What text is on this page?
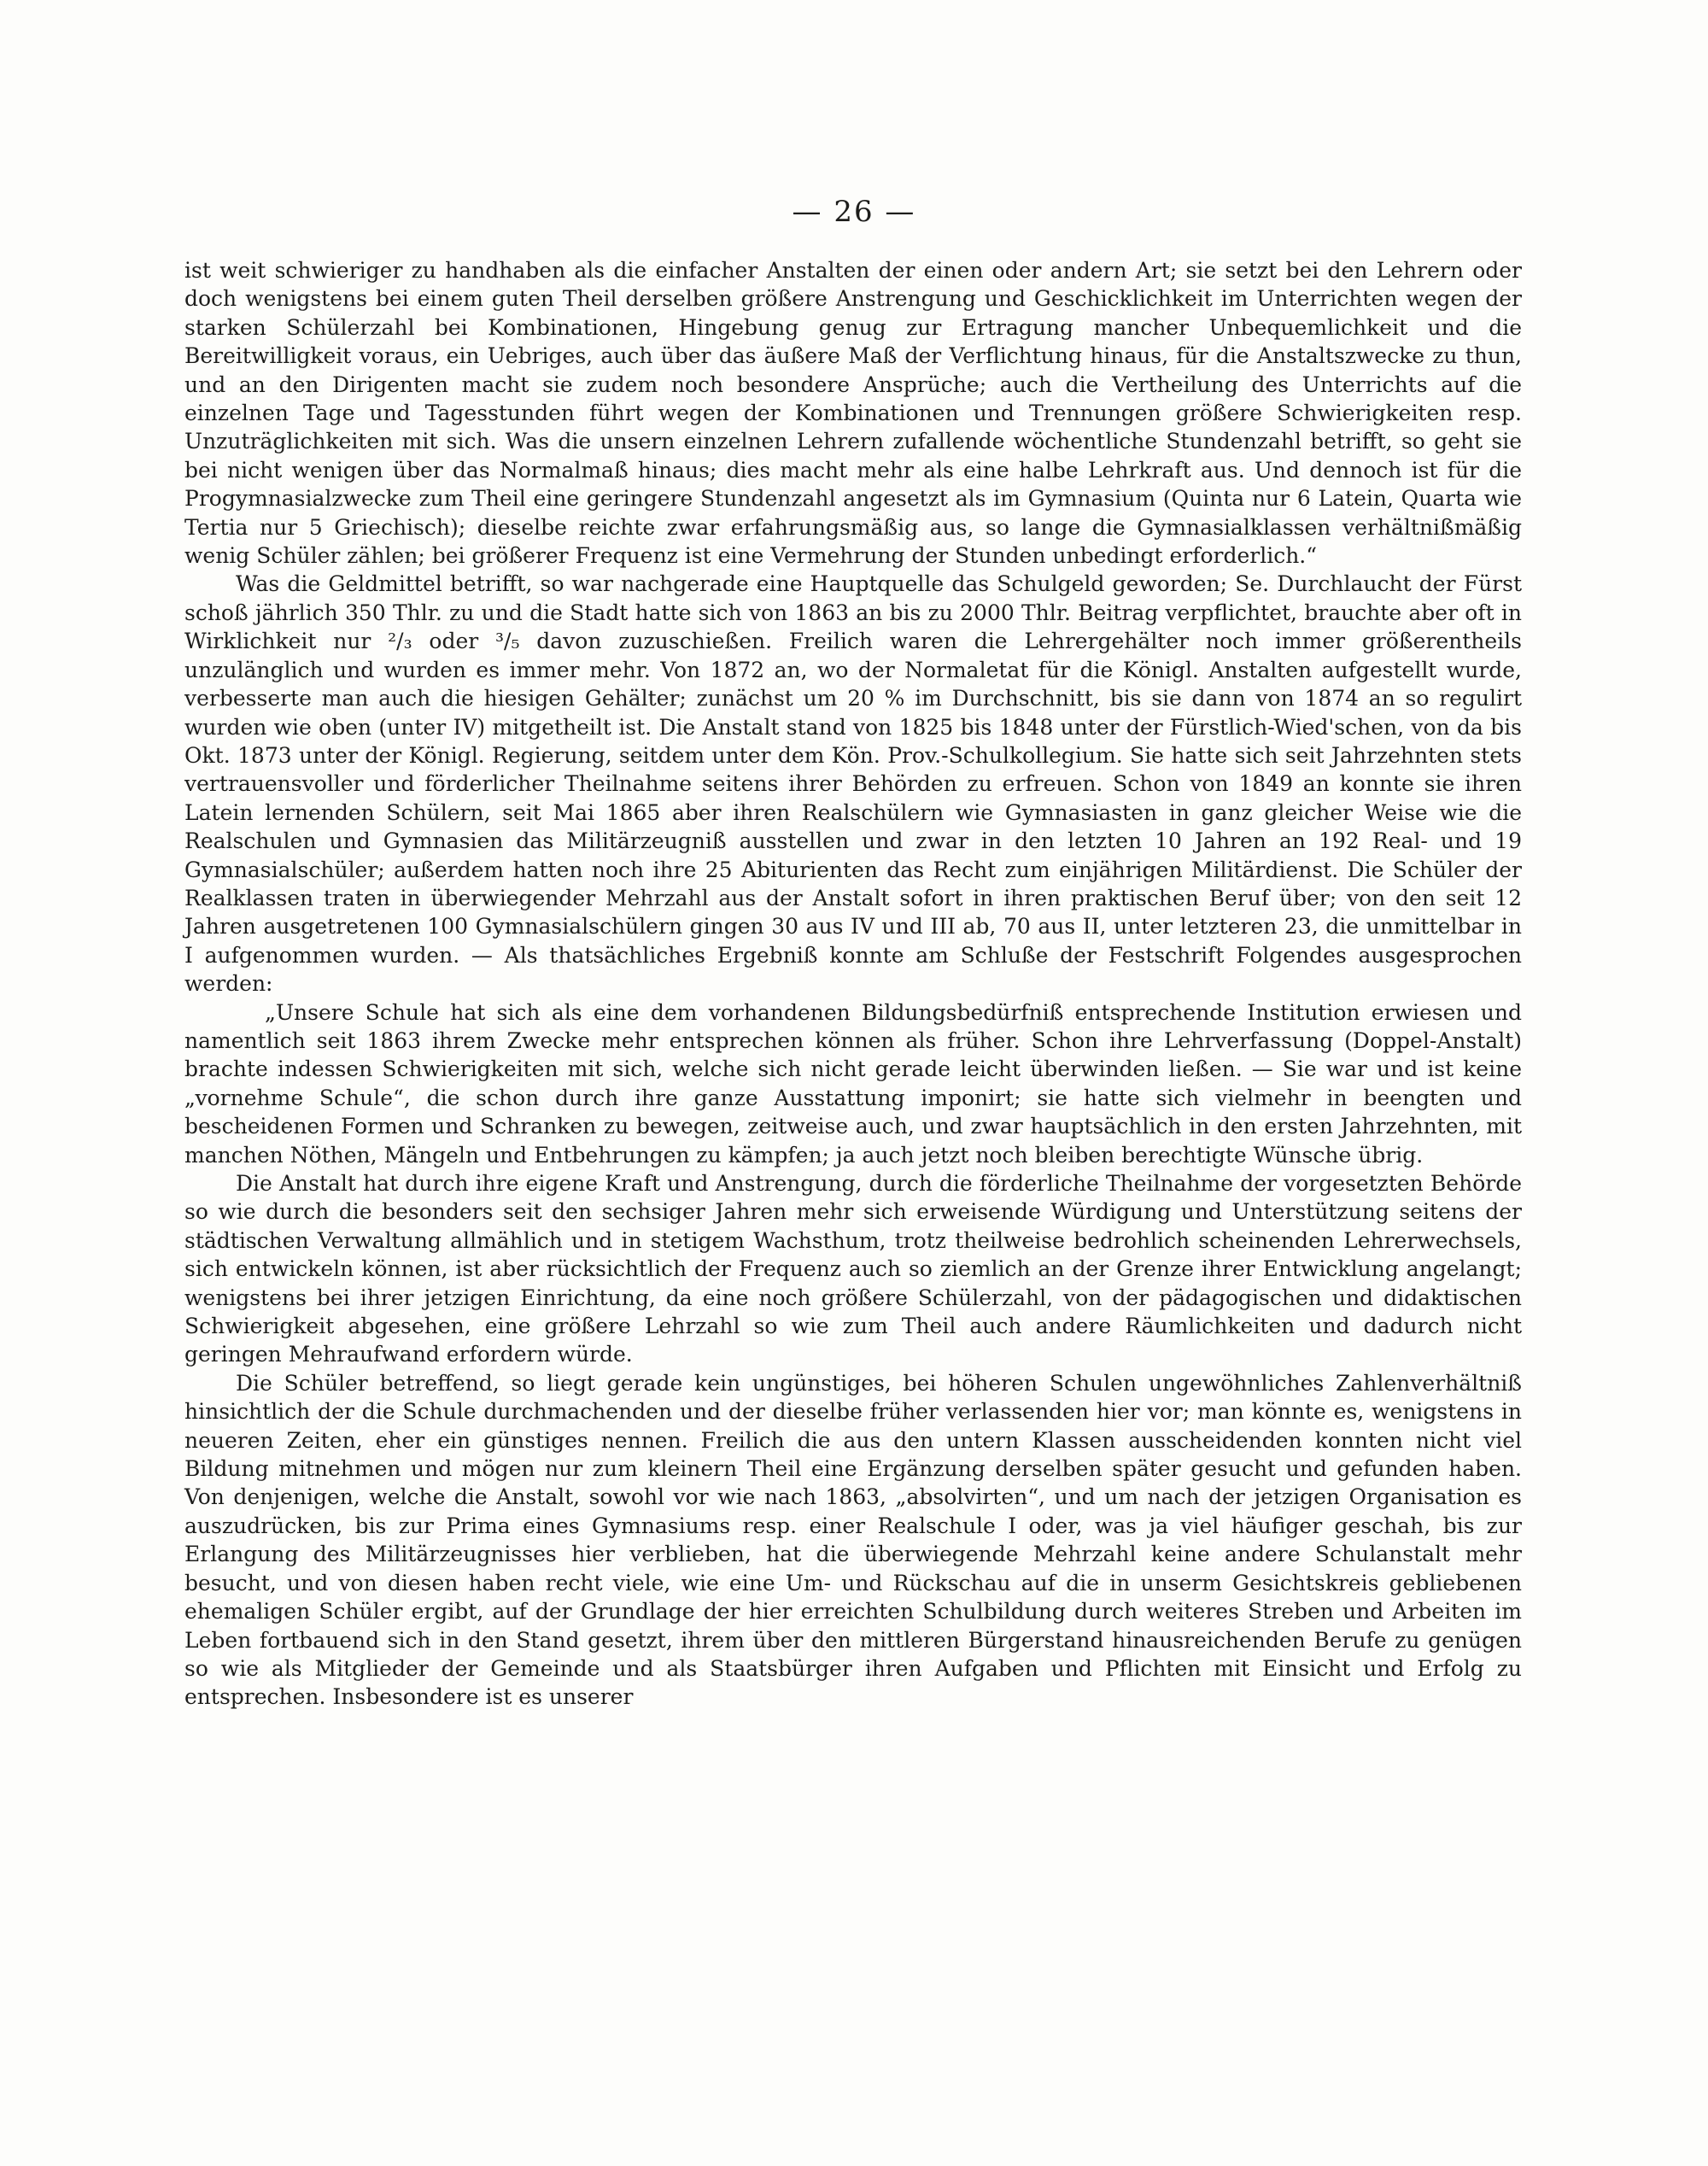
— 26 —

ist weit schwieriger zu handhaben als die einfacher Anstalten der einen oder andern Art; sie setzt bei den Lehrern oder doch wenigstens bei einem guten Theil derselben größere Anstrengung und Geschicklichkeit im Unterrichten wegen der starken Schülerzahl bei Kombinationen, Hingebung genug zur Ertragung mancher Unbequemlichkeit und die Bereitwilligkeit voraus, ein Uebriges, auch über das äußere Maß der Verflichtung hinaus, für die Anstaltszwecke zu thun, und an den Dirigenten macht sie zudem noch besondere Ansprüche; auch die Vertheilung des Unterrichts auf die einzelnen Tage und Tagesstunden führt wegen der Kombinationen und Trennungen größere Schwierigkeiten resp. Unzuträglichkeiten mit sich. Was die unsern einzelnen Lehrern zufallende wöchentliche Stundenzahl betrifft, so geht sie bei nicht wenigen über das Normalmaß hinaus; dies macht mehr als eine halbe Lehrkraft aus. Und dennoch ist für die Progymnasialzwecke zum Theil eine geringere Stundenzahl angesetzt als im Gymnasium (Quinta nur 6 Latein, Quarta wie Tertia nur 5 Griechisch); dieselbe reichte zwar erfahrungsmäßig aus, so lange die Gymnasialklassen verhältnißmäßig wenig Schüler zählen; bei größerer Frequenz ist eine Vermehrung der Stunden unbedingt erforderlich.“

Was die Geldmittel betrifft, so war nachgerade eine Hauptquelle das Schulgeld geworden; Se. Durchlaucht der Fürst schoß jährlich 350 Thlr. zu und die Stadt hatte sich von 1863 an bis zu 2000 Thlr. Beitrag verpflichtet, brauchte aber oft in Wirklichkeit nur ²/₃ oder ³/₅ davon zuzuschießen. Freilich waren die Lehrergehälter noch immer größerentheils unzulänglich und wurden es immer mehr. Von 1872 an, wo der Normaletat für die Königl. Anstalten aufgestellt wurde, verbesserte man auch die hiesigen Gehälter; zunächst um 20 % im Durchschnitt, bis sie dann von 1874 an so regulirt wurden wie oben (unter IV) mitgetheilt ist. Die Anstalt stand von 1825 bis 1848 unter der Fürstlich-Wied'schen, von da bis Okt. 1873 unter der Königl. Regierung, seitdem unter dem Kön. Prov.-Schulkollegium. Sie hatte sich seit Jahrzehnten stets vertrauensvoller und förderlicher Theilnahme seitens ihrer Behörden zu erfreuen. Schon von 1849 an konnte sie ihren Latein lernenden Schülern, seit Mai 1865 aber ihren Realschülern wie Gymnasiasten in ganz gleicher Weise wie die Realschulen und Gymnasien das Militärzeugniß ausstellen und zwar in den letzten 10 Jahren an 192 Real- und 19 Gymnasialschüler; außerdem hatten noch ihre 25 Abiturienten das Recht zum einjährigen Militärdienst. Die Schüler der Realklassen traten in überwiegender Mehrzahl aus der Anstalt sofort in ihren praktischen Beruf über; von den seit 12 Jahren ausgetretenen 100 Gymnasialschülern gingen 30 aus IV und III ab, 70 aus II, unter letzteren 23, die unmittelbar in I aufgenommen wurden. — Als thatsächliches Ergebniß konnte am Schluße der Festschrift Folgendes ausgesprochen werden:

„Unsere Schule hat sich als eine dem vorhandenen Bildungsbedürfniß entsprechende Institution erwiesen und namentlich seit 1863 ihrem Zwecke mehr entsprechen können als früher. Schon ihre Lehrverfassung (Doppel-Anstalt) brachte indessen Schwierigkeiten mit sich, welche sich nicht gerade leicht überwinden ließen. — Sie war und ist keine „vornehme Schule“, die schon durch ihre ganze Ausstattung imponirt; sie hatte sich vielmehr in beengten und bescheidenen Formen und Schranken zu bewegen, zeitweise auch, und zwar hauptsächlich in den ersten Jahrzehnten, mit manchen Nöthen, Mängeln und Entbehrungen zu kämpfen; ja auch jetzt noch bleiben berechtigte Wünsche übrig.

Die Anstalt hat durch ihre eigene Kraft und Anstrengung, durch die förderliche Theilnahme der vorgesetzten Behörde so wie durch die besonders seit den sechsiger Jahren mehr sich erweisende Würdigung und Unterstützung seitens der städtischen Verwaltung allmählich und in stetigem Wachsthum, trotz theilweise bedrohlich scheinenden Lehrerwechsels, sich entwickeln können, ist aber rücksichtlich der Frequenz auch so ziemlich an der Grenze ihrer Entwicklung angelangt; wenigstens bei ihrer jetzigen Einrichtung, da eine noch größere Schülerzahl, von der pädagogischen und didaktischen Schwierigkeit abgesehen, eine größere Lehrzahl so wie zum Theil auch andere Räumlichkeiten und dadurch nicht geringen Mehraufwand erfordern würde.

Die Schüler betreffend, so liegt gerade kein ungünstiges, bei höheren Schulen ungewöhnliches Zahlenverhältniß hinsichtlich der die Schule durchmachenden und der dieselbe früher verlassenden hier vor; man könnte es, wenigstens in neueren Zeiten, eher ein günstiges nennen. Freilich die aus den untern Klassen ausscheidenden konnten nicht viel Bildung mitnehmen und mögen nur zum kleinern Theil eine Ergänzung derselben später gesucht und gefunden haben. Von denjenigen, welche die Anstalt, sowohl vor wie nach 1863, „absolvirten“, und um nach der jetzigen Organisation es auszudrücken, bis zur Prima eines Gymnasiums resp. einer Realschule I oder, was ja viel häufiger geschah, bis zur Erlangung des Militärzeugnisses hier verblieben, hat die überwiegende Mehrzahl keine andere Schulanstalt mehr besucht, und von diesen haben recht viele, wie eine Um- und Rückschau auf die in unserm Gesichtskreis gebliebenen ehemaligen Schüler ergibt, auf der Grundlage der hier erreichten Schulbildung durch weiteres Streben und Arbeiten im Leben fortbauend sich in den Stand gesetzt, ihrem über den mittleren Bürgerstand hinausreichenden Berufe zu genügen so wie als Mitglieder der Gemeinde und als Staatsbürger ihren Aufgaben und Pflichten mit Einsicht und Erfolg zu entsprechen. Insbesondere ist es unserer
